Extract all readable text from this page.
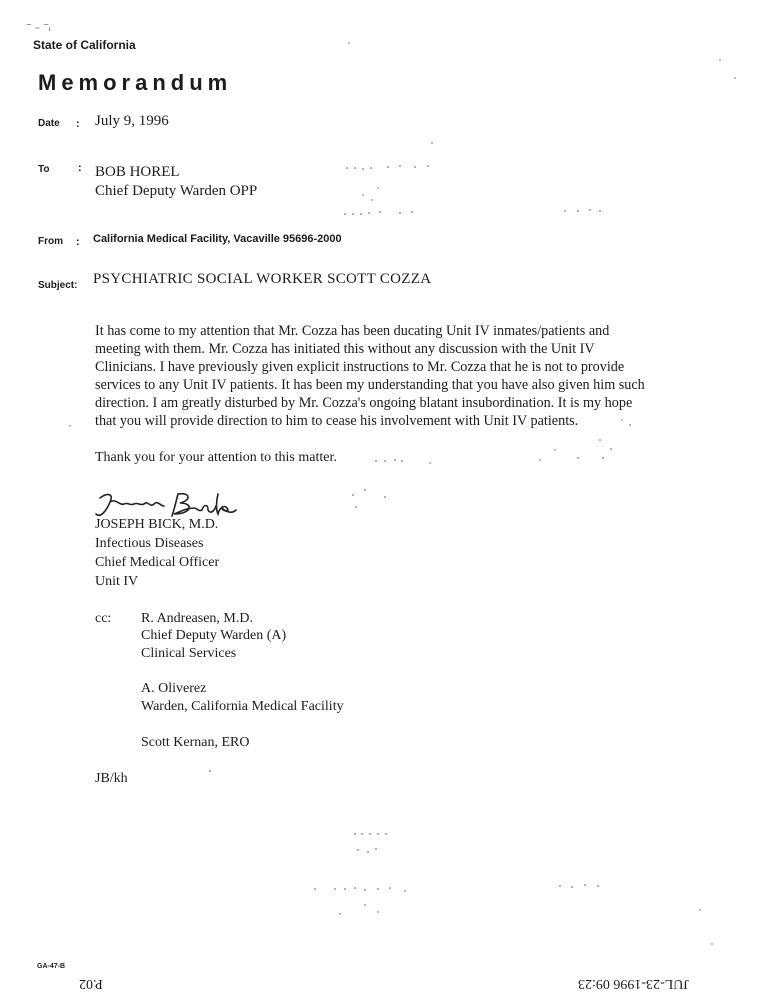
⁻ ₋ ⁻ᵢ
State of California
Memorandum
Date : July 9, 1996
To	: BOB HOREL
Chief Deputy Warden OPP
From : California Medical Facility, Vacaville 95696-2000
Subject: PSYCHIATRIC SOCIAL WORKER SCOTT COZZA
It has come to my attention that Mr. Cozza has been ducating Unit IV inmates/patients and
meeting with them. Mr. Cozza has initiated this without any discussion with the Unit IV
Clinicians. I have previously given explicit instructions to Mr. Cozza that he is not to provide
services to any Unit IV patients. It has been my understanding that you have also given him such
direction. I am greatly disturbed by Mr. Cozza's ongoing blatant insubordination. It is my hope
that you will provide direction to him to cease his involvement with Unit IV patients.
Thank you for your attention to this matter.
JOSEPH BICK, M.D.
Infectious Diseases
Chief Medical Officer
Unit IV
cc: R. Andreasen, M.D.
Chief Deputy Warden (A)
Clinical Services
A. Oliverez
Warden, California Medical Facility
Scott Kernan, ERO
JB/kh
GA-47-B
P.02	JUL-23-1996 09:23
